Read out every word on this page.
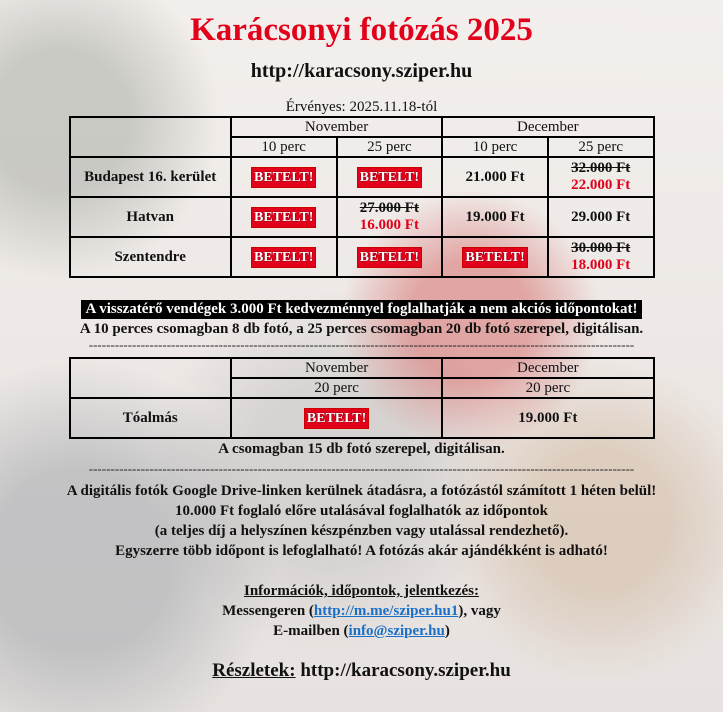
Karácsonyi fotózás 2025
http://karacsony.sziper.hu
Érvényes: 2025.11.18-tól
	November		December	
	10 perc	25 perc	10 perc	25 perc
Budapest 16. kerület	BETELT!	BETELT!	21.000 Ft	32.000 Ft
22.000 Ft

Hatvan	BETELT!	27.000 Ft
16.000 Ft	19.000 Ft	29.000 Ft
Szentendre	BETELT!	BETELT!	BETELT!	30.000 Ft
18.000 Ft
A visszatérő vendégek 3.000 Ft kedvezménnyel foglalhatják a nem akciós időpontokat!
A 10 perces csomagban 8 db fotó, a 25 perces csomagban 20 db fotó szerepel, digitálisan.
------------------------------------------------------------------------------------------------------------------------------
	November	December
	20 perc	20 perc
Tóalmás	BETELT!	19.000 Ft
A csomagban 15 db fotó szerepel, digitálisan.
------------------------------------------------------------------------------------------------------------------------------
A digitális fotók Google Drive-linken kerülnek átadásra, a fotózástól számított 1 héten belül!
10.000 Ft foglaló előre utalásával foglalhatók az időpontok
(a teljes díj a helyszínen készpénzben vagy utalással rendezhető).
Egyszerre több időpont is lefoglalható! A fotózás akár ajándékként is adható!
Információk, időpontok, jelentkezés:
Messengeren (http://m.me/sziper.hu1), vagy
E-mailben (info@sziper.hu)
Részletek: http://karacsony.sziper.hu
